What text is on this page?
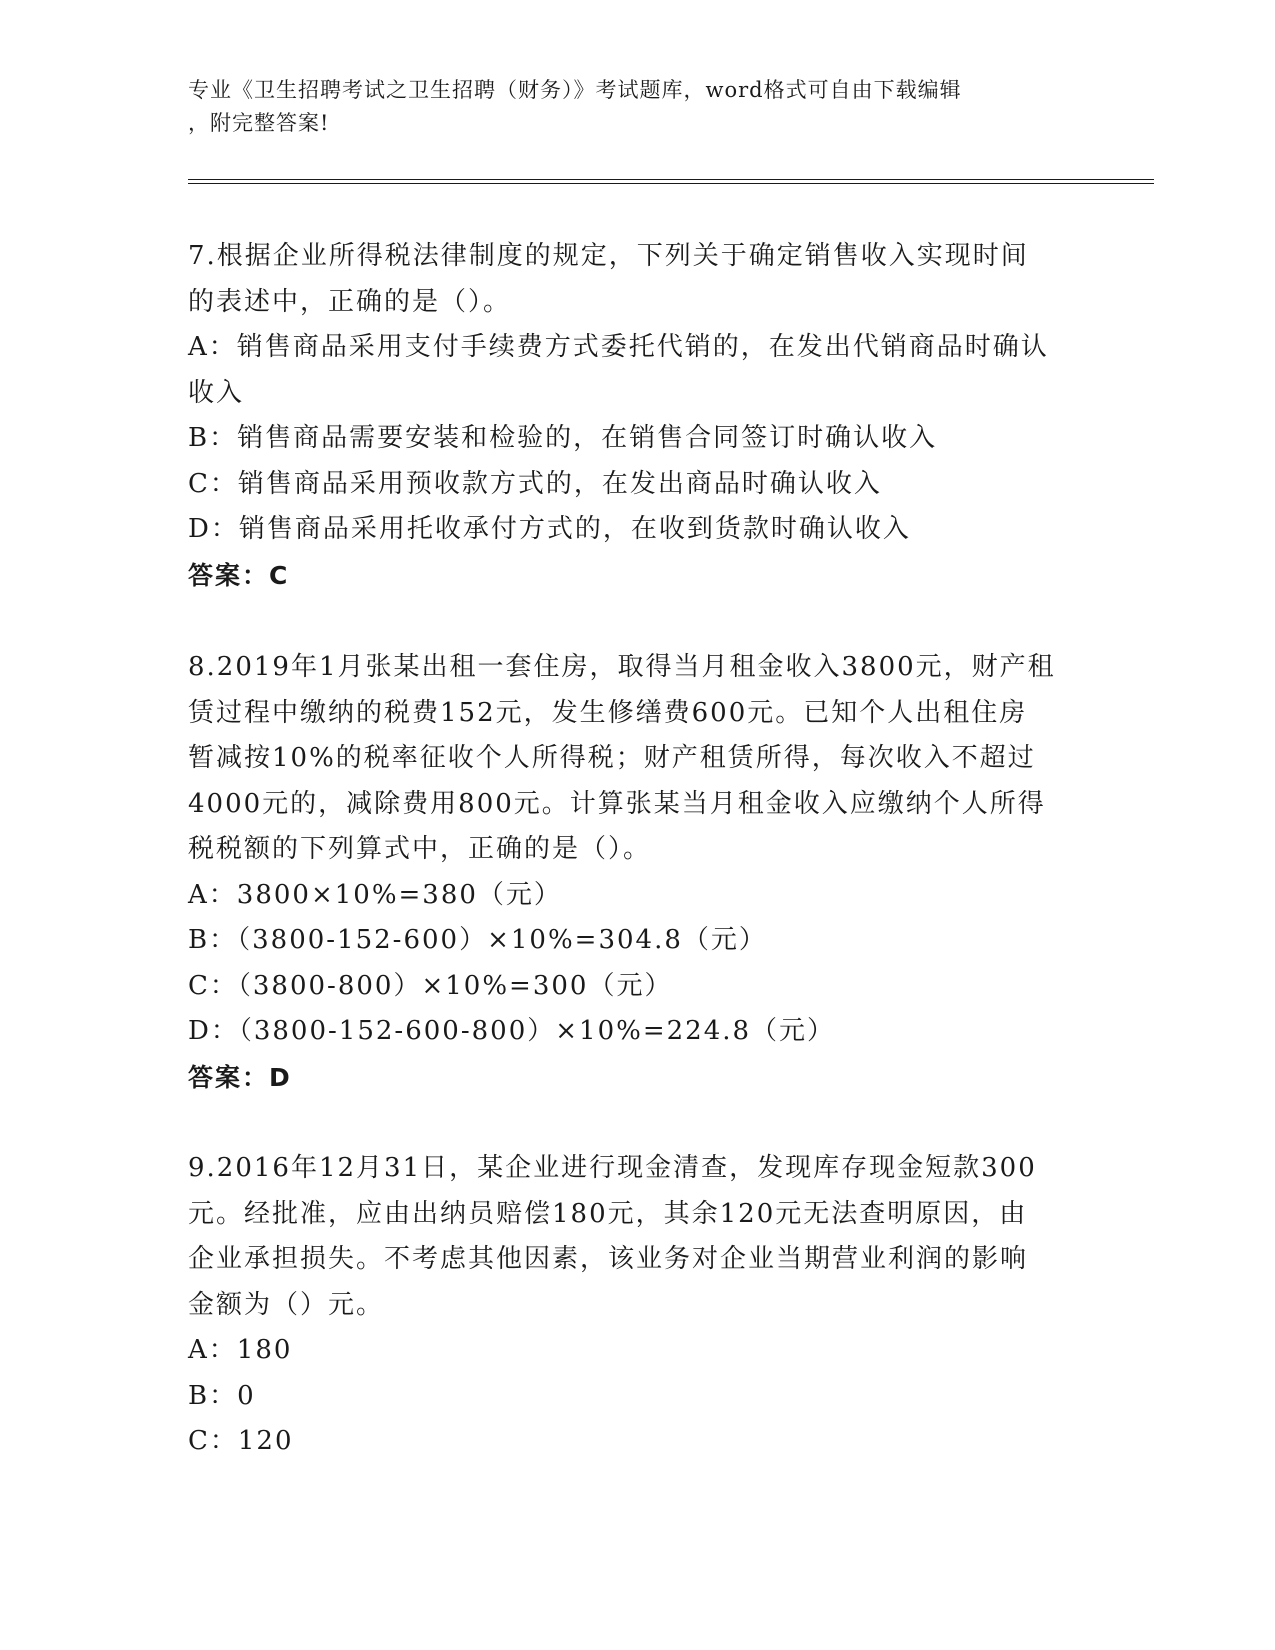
专业《卫生招聘考试之卫生招聘（财务）》考试题库，word格式可自由下载编辑
，附完整答案!
7.根据企业所得税法律制度的规定，下列关于确定销售收入实现时间
的表述中，正确的是（）。
A：销售商品采用支付手续费方式委托代销的，在发出代销商品时确认
收入
B：销售商品需要安装和检验的，在销售合同签订时确认收入
C：销售商品采用预收款方式的，在发出商品时确认收入
D：销售商品采用托收承付方式的，在收到货款时确认收入
答案：C
8.2019年1月张某出租一套住房，取得当月租金收入3800元，财产租
赁过程中缴纳的税费152元，发生修缮费600元。已知个人出租住房
暂减按10%的税率征收个人所得税；财产租赁所得，每次收入不超过
4000元的，减除费用800元。计算张某当月租金收入应缴纳个人所得
税税额的下列算式中，正确的是（）。
A：3800×10%=380（元）
B：（3800-152-600）×10%=304.8（元）
C：（3800-800）×10%=300（元）
D：（3800-152-600-800）×10%=224.8（元）
答案：D
9.2016年12月31日，某企业进行现金清查，发现库存现金短款300
元。经批准，应由出纳员赔偿180元，其余120元无法查明原因，由
企业承担损失。不考虑其他因素，该业务对企业当期营业利润的影响
金额为（）元。
A：180
B：0
C：120
